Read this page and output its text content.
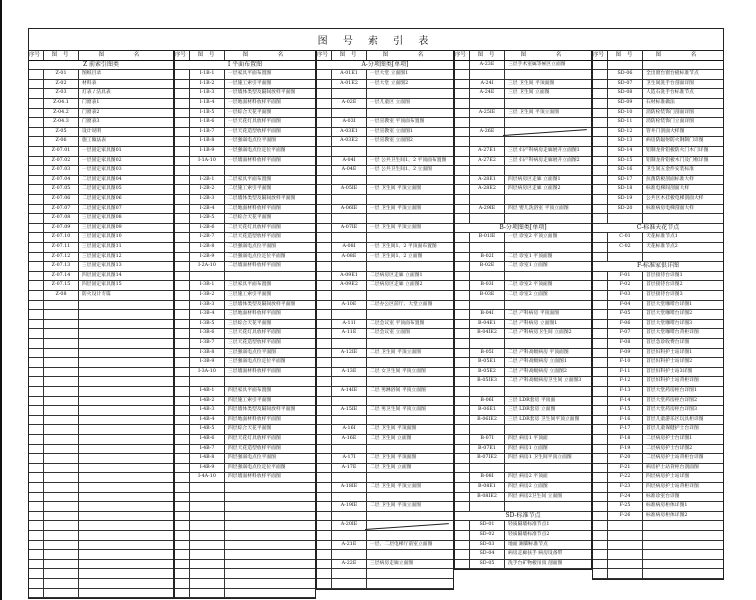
图 号 索 引 表
序号	图 号	图 名
Z 前索引图类
Z-01	图纸目录
Z-02	材料表
Z-03	灯表 / 洁具表
Z-04.1	门窗表1
Z-04.2	门窗表2
Z-04.3	门窗表3
Z-05	设计说明
Z-06	施工做法表
Z-07.01	一层固定家具图01
Z-07.02	一层固定家具图02
Z-07.03	一层固定家具图03
Z-07.04	二层固定家具图04
Z-07.05	二层固定家具图05
Z-07.06	二层固定家具图06
Z-07.07	二层固定家具图07
Z-07.08	三层固定家具图08
Z-07.09	三层固定家具图09
Z-07.10	三层固定家具图10
Z-07.11	三层固定家具图11
Z-07.12	三层固定家具图12
Z-07.13	三层固定家具图13
Z-07.14	四层固定家具图14
Z-07.15	四层固定家具图15
Z-08	防火设计专篇
序号	图 号	图 名
I 平面布置图
I-1B-1	一层家具平面布置图
I-1B-2	一层施工索引平面图
I-1B-3	一层墙体类型及隔间放样平面图
I-1B-4	一层地面材料放样平面图
I-1B-5	一层综合天花平面图
I-1B-6	一层天花灯具放样平面图
I-1B-7	一层天花造型放样平面图
I-1B-8	一层强弱电点位平面图
I-1B-9	一层强弱电点位定位平面图
I-1A-10	一层墙面材料放样平面图
I-2B-1	二层家具平面布置图
I-2B-2	二层施工索引平面图
I-2B-3	二层墙体类型及隔间放样平面图
I-2B-4	二层地面材料放样平面图
I-2B-5	二层综合天花平面图
I-2B-6	二层天花灯具放样平面图
I-2B-7	二层天花造型放样平面图
I-2B-8	二层强弱电点位平面图
I-2B-9	二层强弱电点位定位平面图
I-2A-10	二层墙面材料放样平面图
I-3B-1	三层家具平面布置图
I-3B-2	三层施工索引平面图
I-3B-3	三层墙体类型及隔间放样平面图
I-3B-4	三层地面材料放样平面图
I-3B-5	三层综合天花平面图
I-3B-6	三层天花灯具放样平面图
I-3B-7	三层天花造型放样平面图
I-3B-8	三层强弱电点位平面图
I-3B-9	三层强弱电点位定位平面图
I-3A-10	三层墙面材料放样平面图
I-4B-1	四层家具平面布置图
I-4B-2	四层施工索引平面图
I-4B-3	四层墙体类型及隔间放样平面图
I-4B-4	四层地面材料放样平面图
I-4B-5	四层综合天花平面图
I-4B-6	四层天花灯具放样平面图
I-4B-7	四层天花造型放样平面图
I-4B-8	四层强弱电点位平面图
I-4B-9	四层强弱电点位定位平面图
I-4A-10	四层墙面材料放样平面图
序号	图 号	图 名
A-分项图类[单项]
A-01E1	一层大堂 立面图1
A-01E2	一层大堂 立面图2
A-02E	一层儿童区 立面图
A-03I	一层宣教室 平顶面布置图
A-03E1	一层宣教室 立面图1
A-03E2	一层宣教室 立面图2
A-04I	一层 公共卫生间1、2 平顶面布置图
A-04E	一层 公共卫生间1、2 立面图
A-05IE	一层 卫生间 平顶立面图
A-06IE	一层 卫生间 平顶立面图
A-07IE	一层 卫生间 平顶立面图
A-08I	一层 卫生间1、2 平顶面布置图
A-08E	一层 卫生间1、2 立面图
A-09E1	二层病房区走廊 立面图1
A-09E2	二层病房区走廊 立面图2
A-10E	二层办公区前厅、大堂立面图
A-11I	二层会议室 平顶面布置图
A-11E	二层会议室 立面图
A-12IE	二层 卫生间 平顶立面图
A-13E	二层 女卫生间 平顶立面图
A-14IE	二层 男淋浴间 平顶立面图
A-15IE	二层 男卫生间 平顶立面图
A-16I	二层 卫生间 平顶面图
A-16E	二层 卫生间 立面图
A-17I	二层 卫生间 平顶面图
A-17E	二层 卫生间 立面图
A-18IE	二层 卫生间 平顶立面图
A-19IE	二层 卫生间 平顶立面图
A-20IE
A-21E	一层、二层电梯厅前室立面图
A-22E	三层病房走廊立面图
序号	图 号	图 名
A-23E	三层手术室属等候区立面图
A-24I	三层 卫生间 平顶面图
A-24E	三层 卫生间 立面图
A-25IE	三层 卫生间 平顶立面图
A-26E
A-27E1	三层 妇产科病房走廊展开立面图1
A-27E2	三层 妇产科病房走廊展开立面图2
A-28E1	四层病房区走廊 立面图1
A-28E2	四层病房区走廊 立面图2
A-29IE	四层 婴儿洗浴室 平顶立面图
B-分项图类[单项]
B-01IE	一层 诊室2 平顶立面图
B-02I	二层 诊室1 平顶面图
B-02E	二层 诊室1 立面图
B-03I	二层 诊室2 平顶面图
B-03E	二层 诊室2 立面图
B-04I	二层 产科病房 平顶面图
B-04E1	二层 产科病房 立面图1
B-04IE2	二层 产科病房卫生间 立面图2
B-05I	二层 产科高级病房 平顶面图
B-05E1	二层 产科高级病房 立面图1
B-05E2	二层 产科高级病房 立面图2
B-05IE3	二层 产科高级病房卫生间 立面图3
B-06I	三层 LDR套房 平顶面
B-06E1	三层 LDR套房 立面图
B-06IE2	三层 LDR套房 卫生间平顶立面图
B-07I	四层 病房1 平顶面
B-07E1	四层 病房1 立面图
B-07IE2	四层 病房1 卫生间平顶立面图
B-08I	四层 病房2 平顶面
B-08E1	四层 病房2 立面图
B-08IE2	四层 病房2卫生间 立面图
SD-标准节点
SD-01	轻质隔墙标准节点1
SD-02	轻质隔墙标准节点2
SD-03	地面 踢脚标准节点
SD-04	病房走廊扶手 病房设备带
SD-05	洗手台矿物板吊顶 剖面图
序号	图 号	图 名
SD-06	全出窗台窗台板标准节点
SD-07	卫生间洗手台剖面详图
SD-08	人造石洗手台标准节点
SD-09	石材标准做法
SD-10	消防栓装饰门剖面详图
SD-11	消防栓装饰门立面详图
SD-12	管井门剖面大样图
SD-13	病房防辐射防火钢制门详图
SD-14	铝制龙骨铝板防火门木门详图
SD-15	铝制龙骨铝板木门及门框详图
SD-16	卫生间五金件安装标准
SD-17	抗菌防板剖面标准大样
SD-18	标准电梯间剖面大样
SD-19	公共区木挂板电梯剖面大样
SD-20	标准病房电梯剖面大样
C-标准天花节点
C-01	天花标准节点1
C-02	天花标准节点2
F-标准家俱详图
F-01	首层接待台详图1
F-02	首层接待台详图2
F-03	首层接待台详图3
F-04	首层大堂咖啡台详图1
F-05	首层大堂咖啡台详图2
F-06	首层大堂咖啡台详图3
F-07	首层大堂咖啡台背柜详图
F-08	首层急诊收费台详图
F-09	首层妇科护士站详图1
F-10	首层妇科护士站详图2
F-11	首层妇科护士站3详图
F-12	首层妇科护士站背柜详图
F-13	首层大堂药房柜台详图1
F-14	首层大堂药房柜台详图2
F-15	首层大堂药房柜台详图3
F-16	首层儿童游乐区玩具柜详图
F-17	首层儿童保健护士台详图
F-18	二层病房护士台详图1
F-19	二层病房护士台详图2
F-20	二层病房护士站背柜台详图
F-21	病房护士站背柜台剖面图
F-22	四层病房护士站详图
F-23	四层病房护士站背柜详图
F-24	标准诊室台详图
F-25	标准病房柜体详图1
F-26	标准病房柜体详图2
